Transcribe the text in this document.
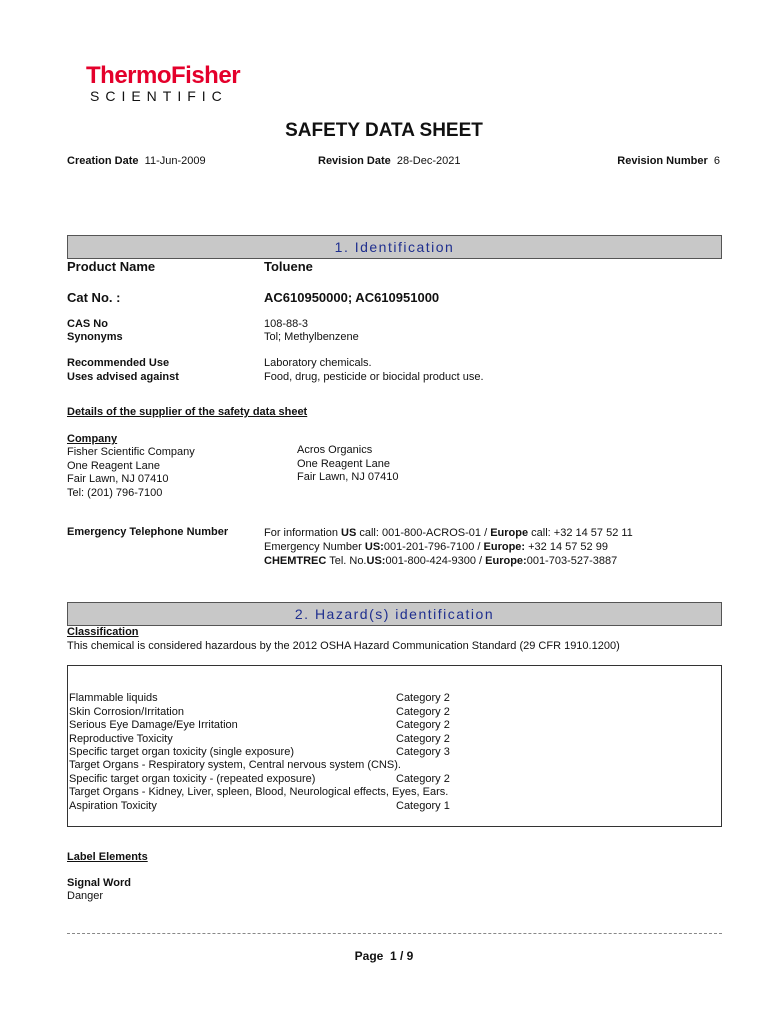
ThermoFisher
SCIENTIFIC
SAFETY DATA SHEET
Creation Date 11-Jun-2009	Revision Date 28-Dec-2021	Revision Number 6
1. Identification
Product Name	Toluene
Cat No. :	AC610950000; AC610951000
CAS No	108-88-3
Synonyms	Tol; Methylbenzene
Recommended Use	Laboratory chemicals.
Uses advised against	Food, drug, pesticide or biocidal product use.
Details of the supplier of the safety data sheet
Company
Fisher Scientific Company
One Reagent Lane
Fair Lawn, NJ 07410
Tel: (201) 796-7100
Acros Organics
One Reagent Lane
Fair Lawn, NJ 07410
Emergency Telephone Number	For information US call: 001-800-ACROS-01 / Europe call: +32 14 57 52 11
Emergency Number US:001-201-796-7100 / Europe: +32 14 57 52 99
CHEMTREC Tel. No.US:001-800-424-9300 / Europe:001-703-527-3887
2. Hazard(s) identification
Classification
This chemical is considered hazardous by the 2012 OSHA Hazard Communication Standard (29 CFR 1910.1200)
Flammable liquids	Category 2
Skin Corrosion/Irritation	Category 2
Serious Eye Damage/Eye Irritation	Category 2
Reproductive Toxicity	Category 2
Specific target organ toxicity (single exposure)	Category 3
Target Organs - Respiratory system, Central nervous system (CNS).
Specific target organ toxicity - (repeated exposure)	Category 2
Target Organs - Kidney, Liver, spleen, Blood, Neurological effects, Eyes, Ears.
Aspiration Toxicity	Category 1
Label Elements
Signal Word
Danger
Page 1 / 9
